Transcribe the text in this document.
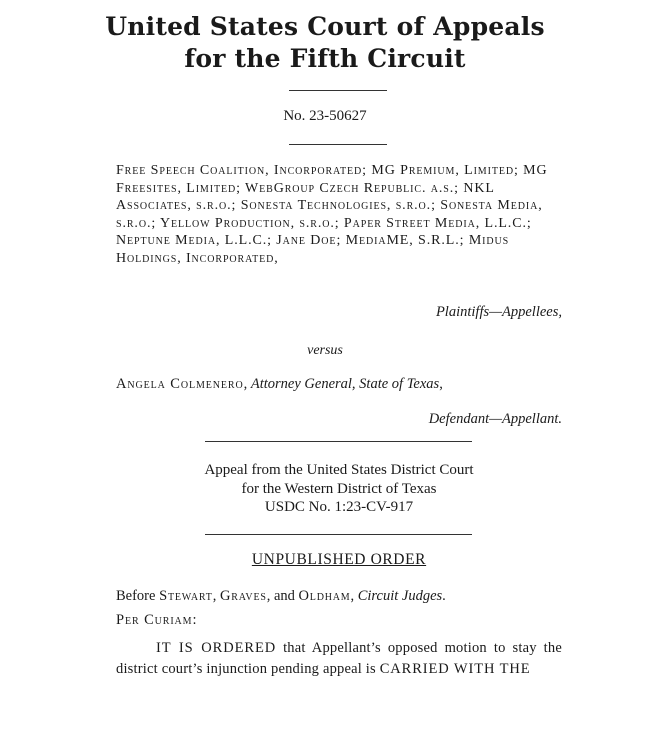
United States Court of Appeals
for the Fifth Circuit
No. 23-50627

Free Speech Coalition, Incorporated; MG Premium, Limited; MG Freesites, Limited; WebGroup Czech Republic. a.s.; NKL Associates, s.r.o.; Sonesta Technologies, s.r.o.; Sonesta Media, s.r.o.; Yellow Production, s.r.o.; Paper Street Media, L.L.C.; Neptune Media, L.L.C.; Jane Doe; MediaME, S.R.L.; Midus Holdings, Incorporated,

Plaintiffs—Appellees,
versus
Angela Colmenero, Attorney General, State of Texas,
Defendant—Appellant.
Appeal from the United States District Court
for the Western District of Texas
USDC No. 1:23-CV-917
UNPUBLISHED ORDER
Before Stewart, Graves, and Oldham, Circuit Judges.
Per Curiam:

IT IS ORDERED that Appellant’s opposed motion to stay the district court’s injunction pending appeal is CARRIED WITH THE
